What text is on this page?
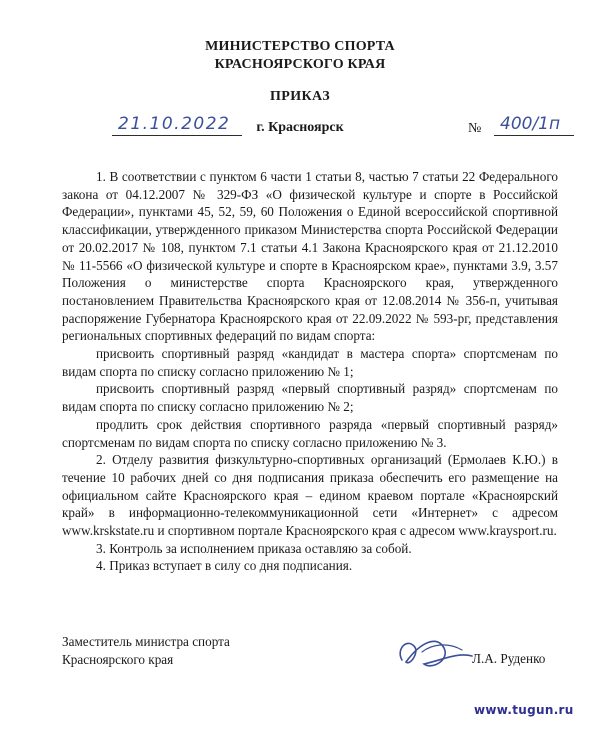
МИНИСТЕРСТВО СПОРТА
КРАСНОЯРСКОГО КРАЯ
ПРИКАЗ
21.10.2022	г. Красноярск	№	400/1п

1. В соответствии с пунктом 6 части 1 статьи 8, частью 7 статьи 22 Федерального закона от 04.12.2007 № 329-ФЗ «О физической культуре и спорте в Российской Федерации», пунктами 45, 52, 59, 60 Положения о Единой всероссийской спортивной классификации, утвержденного приказом Министерства спорта Российской Федерации от 20.02.2017 № 108, пунктом 7.1 статьи 4.1 Закона Красноярского края от 21.12.2010 № 11-5566 «О физической культуре и спорте в Красноярском крае», пунктами 3.9, 3.57 Положения о министерстве спорта Красноярского края, утвержденного постановлением Правительства Красноярского края от 12.08.2014 № 356-п, учитывая распоряжение Губернатора Красноярского края от 22.09.2022 № 593-рг, представления региональных спортивных федераций по видам спорта:

присвоить спортивный разряд «кандидат в мастера спорта» спортсменам по видам спорта по списку согласно приложению № 1;

присвоить спортивный разряд «первый спортивный разряд» спортсменам по видам спорта по списку согласно приложению № 2;

продлить срок действия спортивного разряда «первый спортивный разряд» спортсменам по видам спорта по списку согласно приложению № 3.

2. Отделу развития физкультурно-спортивных организаций (Ермолаев К.Ю.) в течение 10 рабочих дней со дня подписания приказа обеспечить его размещение на официальном сайте Красноярского края – едином краевом портале «Красноярский край» в информационно-телекоммуникационной сети «Интернет» с адресом www.krskstate.ru и спортивном портале Красноярского края с адресом www.kraysport.ru.

3. Контроль за исполнением приказа оставляю за собой.

4. Приказ вступает в силу со дня подписания.

Заместитель министра спорта
Красноярского края	Л.А. Руденко
www.tugun.ru
